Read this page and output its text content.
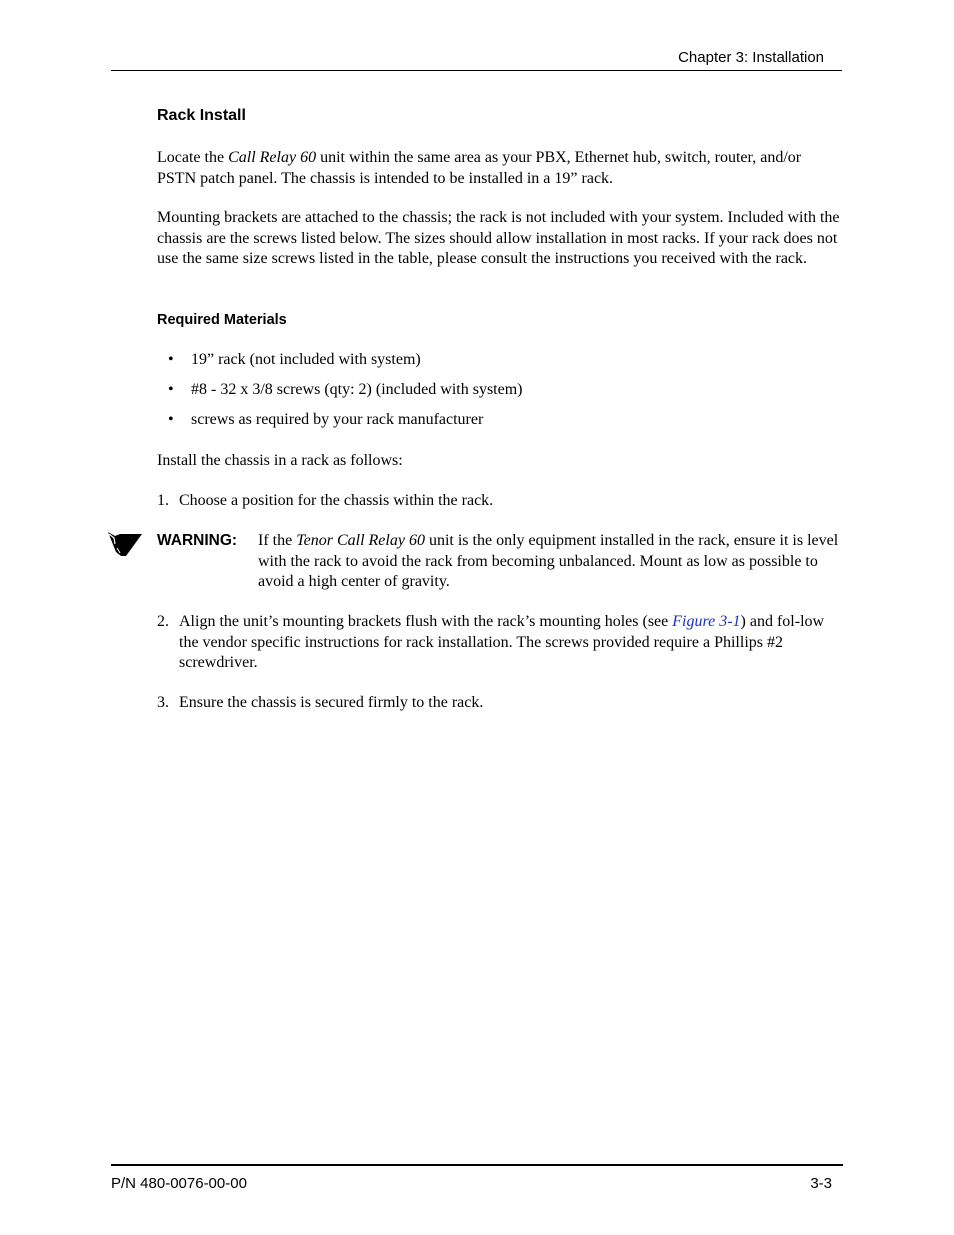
Chapter 3: Installation
Rack Install
Locate the Call Relay 60 unit within the same area as your PBX, Ethernet hub, switch, router, and/or PSTN patch panel. The chassis is intended to be installed in a 19” rack.
Mounting brackets are attached to the chassis; the rack is not included with your system. Included with the chassis are the screws listed below. The sizes should allow installation in most racks. If your rack does not use the same size screws listed in the table, please consult the instructions you received with the rack.
Required Materials
• 19” rack (not included with system)
• #8 - 32 x 3/8 screws (qty: 2) (included with system)
• screws as required by your rack manufacturer
Install the chassis in a rack as follows:
1. Choose a position for the chassis within the rack.
WARNING: If the Tenor Call Relay 60 unit is the only equipment installed in the rack, ensure it is level with the rack to avoid the rack from becoming unbalanced. Mount as low as possible to avoid a high center of gravity.
2. Align the unit’s mounting brackets flush with the rack’s mounting holes (see Figure 3-1) and fol-low the vendor specific instructions for rack installation. The screws provided require a Phillips #2 screwdriver.
3. Ensure the chassis is secured firmly to the rack.
P/N 480-0076-00-00	3-3
